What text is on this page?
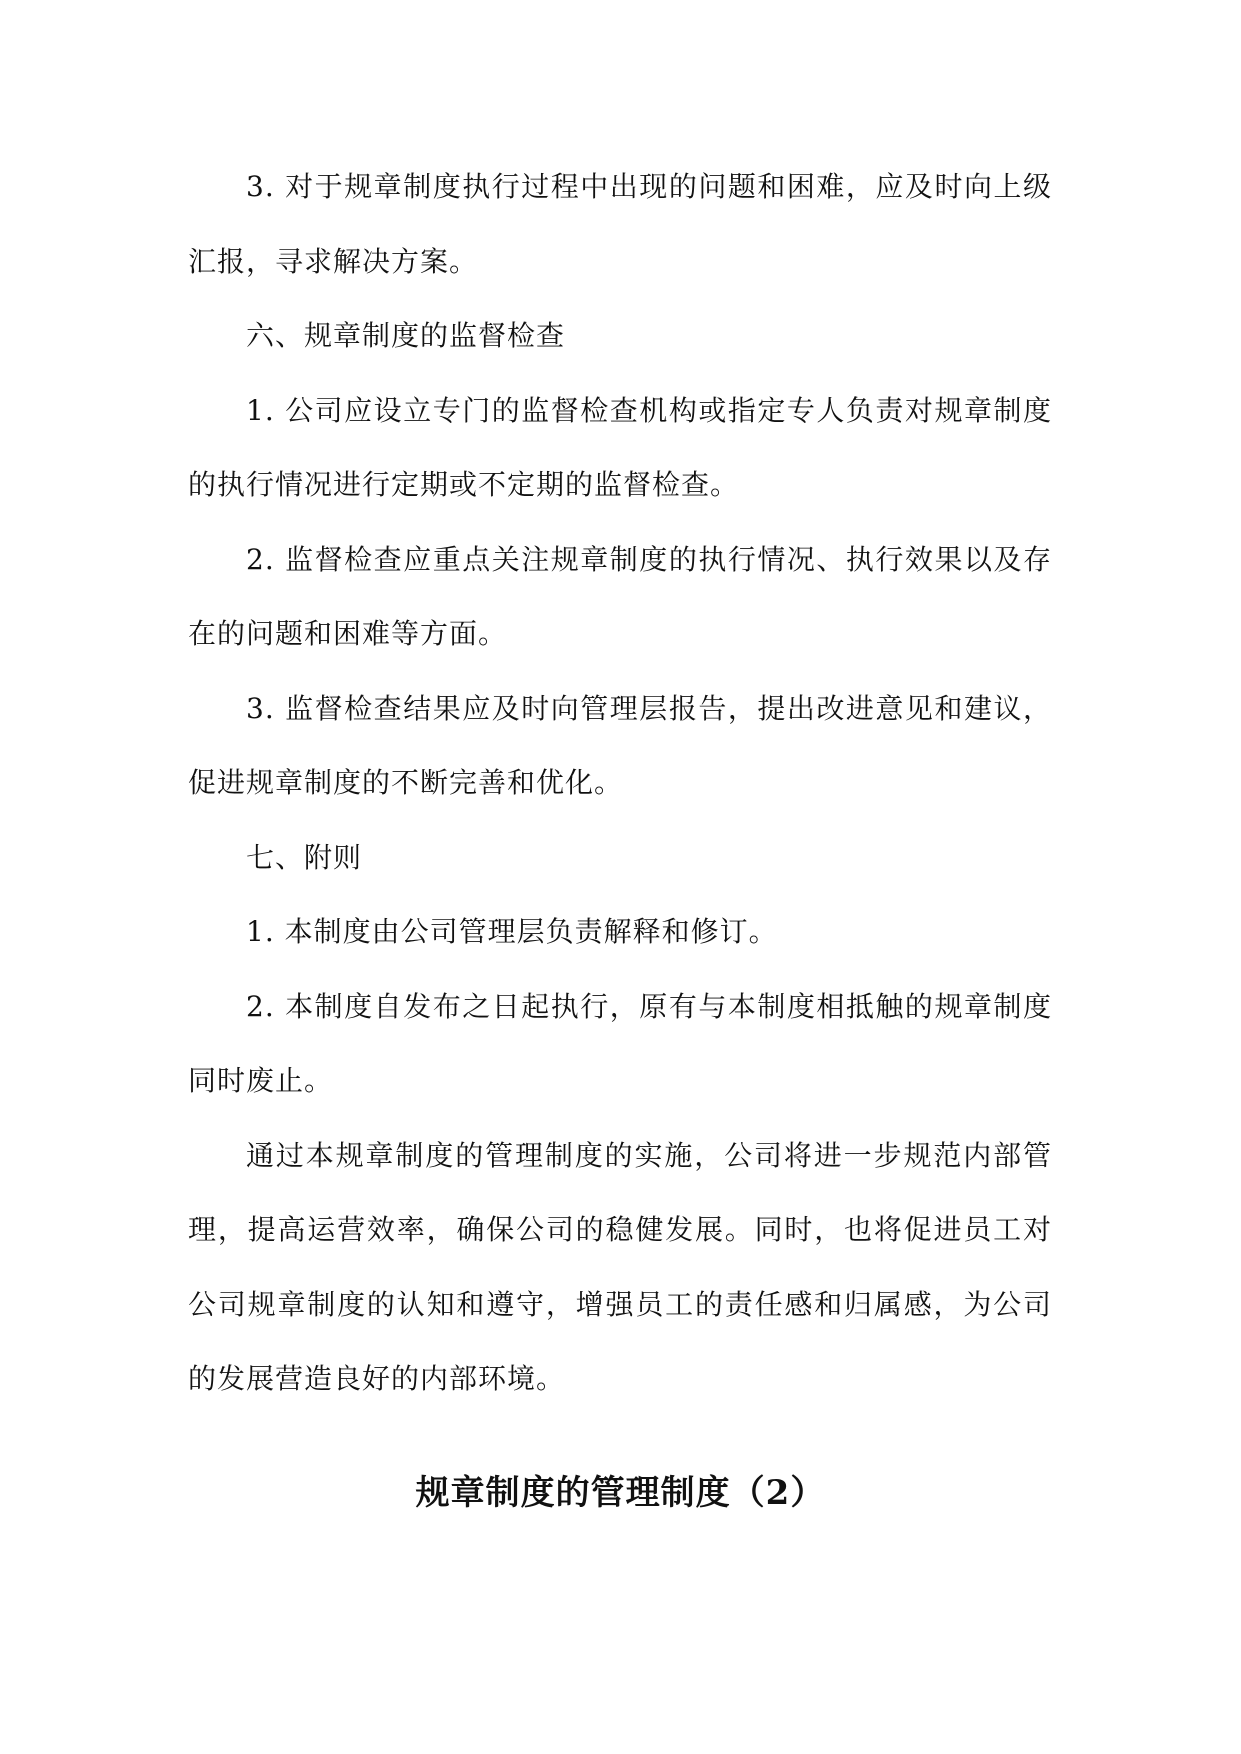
3. 对于规章制度执行过程中出现的问题和困难，应及时向上级汇报，寻求解决方案。

六、规章制度的监督检查

1. 公司应设立专门的监督检查机构或指定专人负责对规章制度的执行情况进行定期或不定期的监督检查。

2. 监督检查应重点关注规章制度的执行情况、执行效果以及存在的问题和困难等方面。

3. 监督检查结果应及时向管理层报告，提出改进意见和建议，促进规章制度的不断完善和优化。

七、附则

1. 本制度由公司管理层负责解释和修订。

2. 本制度自发布之日起执行，原有与本制度相抵触的规章制度同时废止。

通过本规章制度的管理制度的实施，公司将进一步规范内部管理，提高运营效率，确保公司的稳健发展。同时，也将促进员工对公司规章制度的认知和遵守，增强员工的责任感和归属感，为公司的发展营造良好的内部环境。

规章制度的管理制度（2）
